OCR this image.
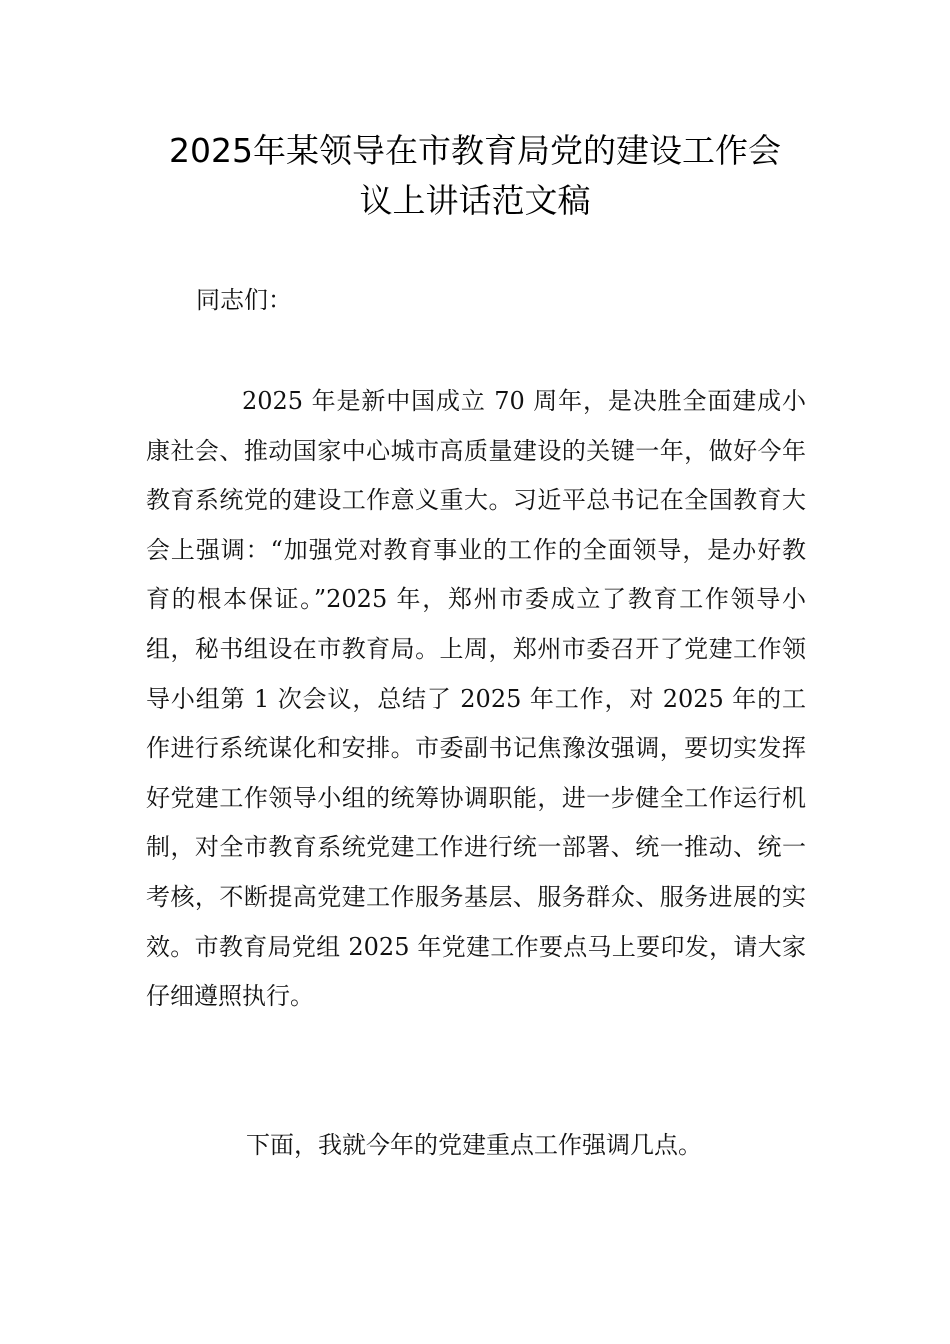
2025年某领导在市教育局党的建设工作会
议上讲话范文稿
同志们：

2025 年是新中国成立 70 周年，是决胜全面建成小康社会、推动国家中心城市高质量建设的关键一年，做好今年教育系统党的建设工作意义重大。习近平总书记在全国教育大会上强调：“加强党对教育事业的工作的全面领导，是办好教育的根本保证。”2025 年，郑州市委成立了教育工作领导小组，秘书组设在市教育局。上周，郑州市委召开了党建工作领导小组第 1 次会议，总结了 2025 年工作，对 2025 年的工作进行系统谋化和安排。市委副书记焦豫汝强调，要切实发挥好党建工作领导小组的统筹协调职能，进一步健全工作运行机制，对全市教育系统党建工作进行统一部署、统一推动、统一考核，不断提高党建工作服务基层、服务群众、服务进展的实效。市教育局党组 2025 年党建工作要点马上要印发，请大家仔细遵照执行。

下面，我就今年的党建重点工作强调几点。
